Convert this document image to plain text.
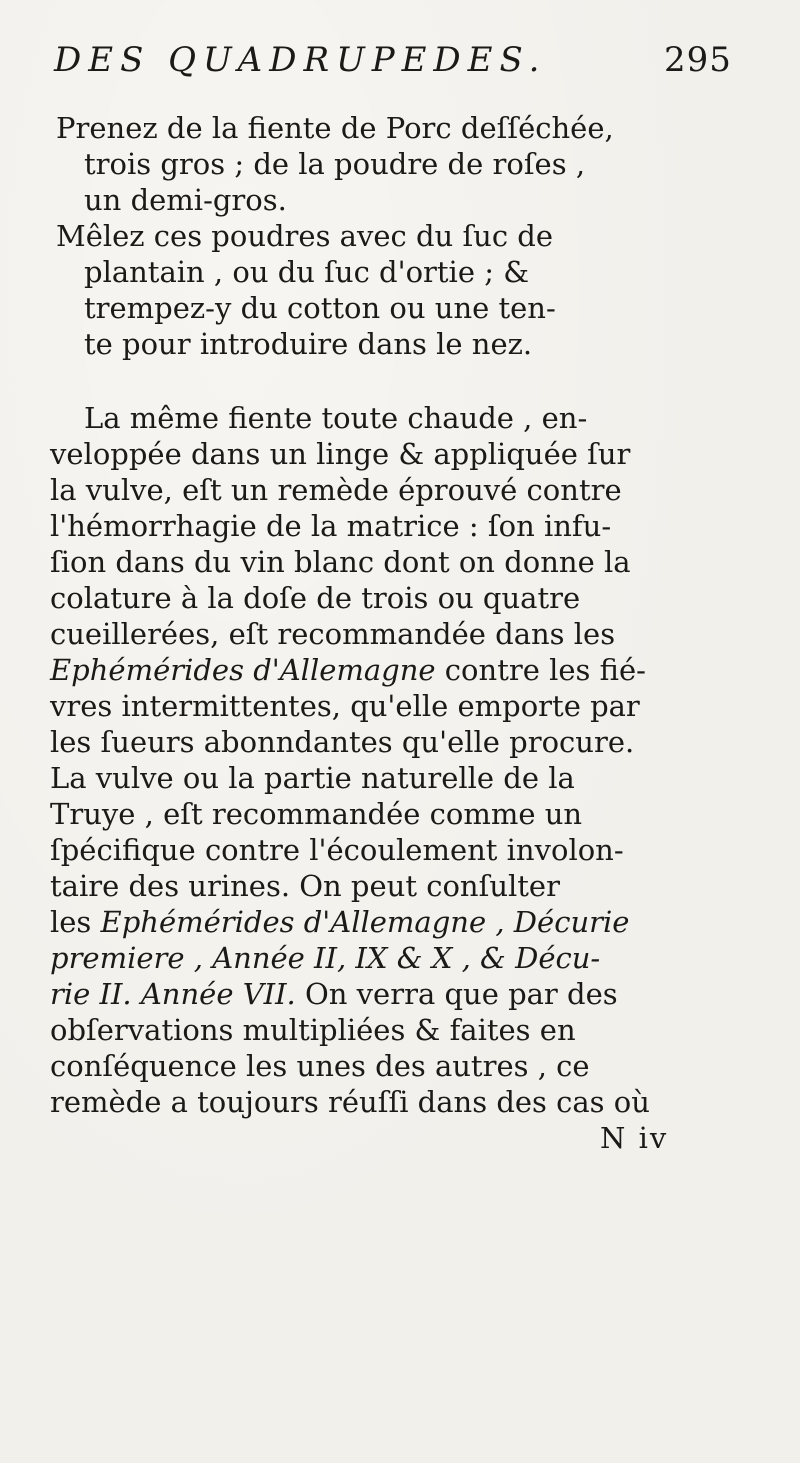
DES QUADRUPEDES.	295
Prenez de la fiente de Porc deſſéchée,
trois gros ; de la poudre de roſes ,
un demi-gros.
Mêlez ces poudres avec du ſuc de
plantain , ou du ſuc d'ortie ; &
trempez-y du cotton ou une ten-
te pour introduire dans le nez.
La même fiente toute chaude , en-
veloppée dans un linge & appliquée ſur
la vulve, eſt un remède éprouvé contre
l'hémorrhagie de la matrice : ſon infu-
ſion dans du vin blanc dont on donne la
colature à la doſe de trois ou quatre
cueillerées, eſt recommandée dans les
Ephémérides d'Allemagne contre les fié-
vres intermittentes, qu'elle emporte par
les ſueurs abonndantes qu'elle procure.
La vulve ou la partie naturelle de la
Truye , eſt recommandée comme un
ſpécifique contre l'écoulement involon-
taire des urines. On peut conſulter
les Ephémérides d'Allemagne , Décurie
premiere , Année II, IX & X , & Décu-
rie II. Année VII. On verra que par des
obſervations multipliées & faites en
conſéquence les unes des autres , ce
remède a toujours réuſſi dans des cas où
N iv
